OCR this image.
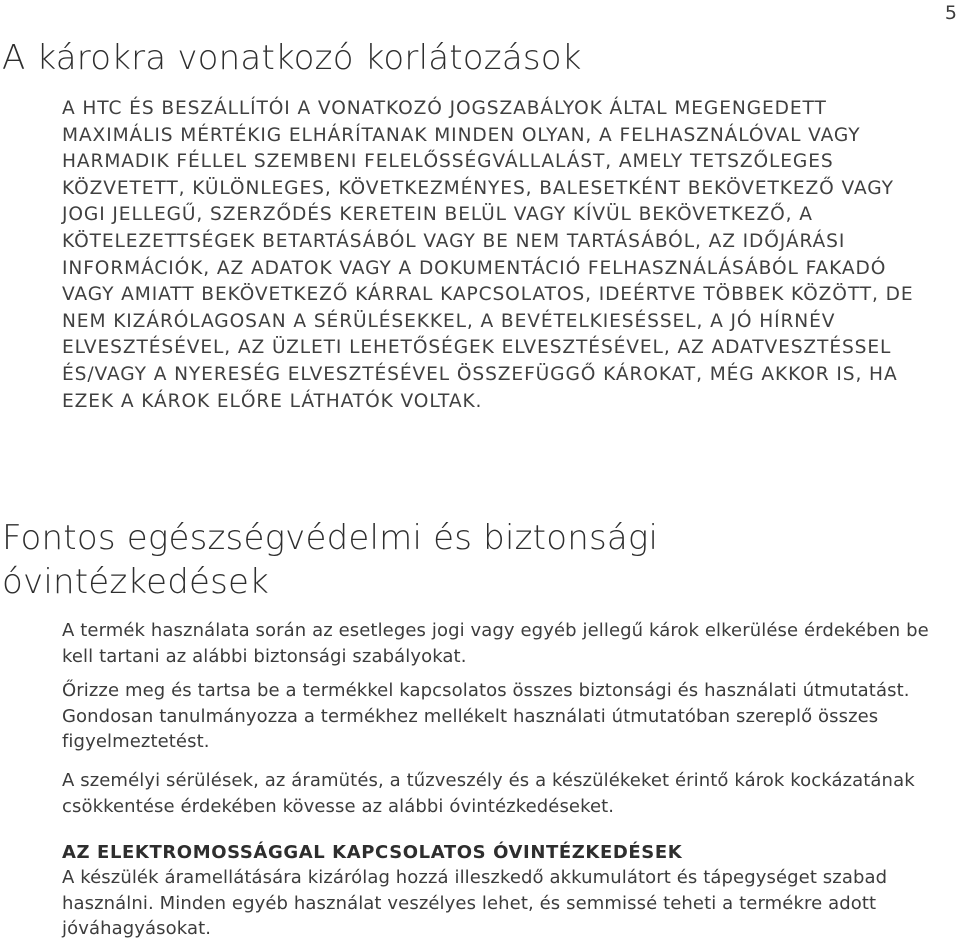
5
A károkra vonatkozó korlátozások

A HTC ÉS BESZÁLLÍTÓI A VONATKOZÓ JOGSZABÁLYOK ÁLTAL MEGENGEDETT MAXIMÁLIS MÉRTÉKIG ELHÁRÍTANAK MINDEN OLYAN, A FELHASZNÁLÓVAL VAGY HARMADIK FÉLLEL SZEMBENI FELELŐSSÉGVÁLLALÁST, AMELY TETSZŐLEGES KÖZVETETT, KÜLÖNLEGES, KÖVETKEZMÉNYES, BALESETKÉNT BEKÖVETKEZŐ VAGY JOGI JELLEGŰ, SZERZŐDÉS KERETEIN BELÜL VAGY KÍVÜL BEKÖVETKEZŐ, A KÖTELEZETTSÉGEK BETARTÁSÁBÓL VAGY BE NEM TARTÁSÁBÓL, AZ IDŐJÁRÁSI INFORMÁCIÓK, AZ ADATOK VAGY A DOKUMENTÁCIÓ FELHASZNÁLÁSÁBÓL FAKADÓ VAGY AMIATT BEKÖVETKEZŐ KÁRRAL KAPCSOLATOS, IDEÉRTVE TÖBBEK KÖZÖTT, DE NEM KIZÁRÓLAGOSAN A SÉRÜLÉSEKKEL, A BEVÉTELKIESÉSSEL, A JÓ HÍRNÉV ELVESZTÉSÉVEL, AZ ÜZLETI LEHETŐSÉGEK ELVESZTÉSÉVEL, AZ ADATVESZTÉSSEL ÉS/VAGY A NYERESÉG ELVESZTÉSÉVEL ÖSSZEFÜGGŐ KÁROKAT, MÉG AKKOR IS, HA EZEK A KÁROK ELŐRE LÁTHATÓK VOLTAK.

Fontos egészségvédelmi és biztonsági
óvintézkedések

A termék használata során az esetleges jogi vagy egyéb jellegű károk elkerülése érdekében be kell tartani az alábbi biztonsági szabályokat.

Őrizze meg és tartsa be a termékkel kapcsolatos összes biztonsági és használati útmutatást. Gondosan tanulmányozza a termékhez mellékelt használati útmutatóban szereplő összes figyelmeztetést.

A személyi sérülések, az áramütés, a tűzveszély és a készülékeket érintő károk kockázatának csökkentése érdekében kövesse az alábbi óvintézkedéseket.

AZ ELEKTROMOSSÁGGAL KAPCSOLATOS ÓVINTÉZKEDÉSEK

A készülék áramellátására kizárólag hozzá illeszkedő akkumulátort és tápegységet szabad használni. Minden egyéb használat veszélyes lehet, és semmissé teheti a termékre adott jóváhagyásokat.
